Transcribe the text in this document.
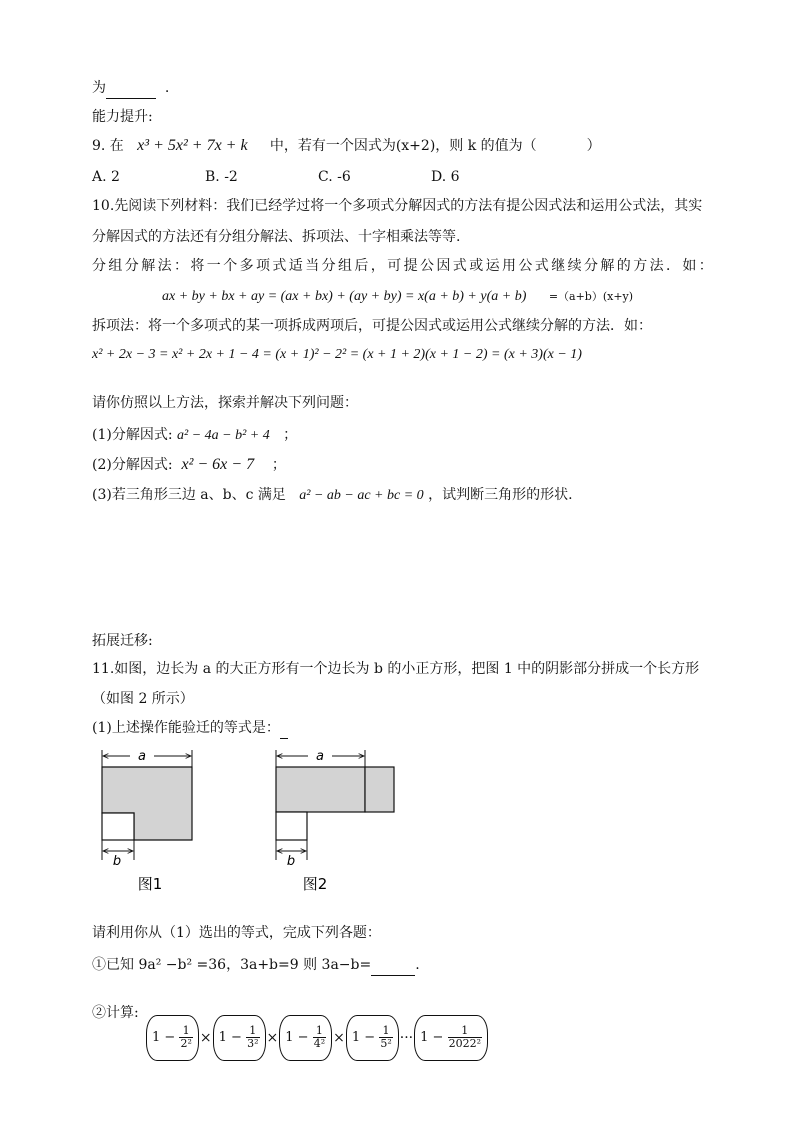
为	.
能力提升:
9. 在 x³ + 5x² + 7x + k 中，若有一个因式为(x+2)，则 k 的值为（	）
A. 2	B. -2	C. -6	D. 6
10.先阅读下列材料：我们已经学过将一个多项式分解因式的方法有提公因式法和运用公式法，其实
分解因式的方法还有分组分解法、拆项法、十字相乘法等等.
分组分解法：将一个多项式适当分组后，可提公因式或运用公式继续分解的方法．如：
ax + by + bx + ay = (ax + bx) + (ay + by) = x(a + b) + y(a + b) =（a+b）(x+y)
拆项法：将一个多项式的某一项拆成两项后，可提公因式或运用公式继续分解的方法．如：
x² + 2x − 3 = x² + 2x + 1 − 4 = (x + 1)² − 2² = (x + 1 + 2)(x + 1 − 2) = (x + 3)(x − 1)
请你仿照以上方法，探索并解决下列问题：
(1)分解因式: a² − 4a − b² + 4 ；
(2)分解因式: x² − 6x − 7 ；
(3)若三角形三边 a、b、c 满足 a² − ab − ac + bc = 0 ，试判断三角形的形状.
拓展迁移:
11.如图，边长为 a 的大正方形有一个边长为 b 的小正方形，把图 1 中的阴影部分拼成一个长方形
（如图 2 所示）
(1)上述操作能验迁的等式是：
a
b
图1
a
b
图2
请利用你从（1）选出的等式，完成下列各题：
①已知 9a² −b² =36，3a+b=9 则 3a−b=	.
②计算:
$1 - \frac{1}{\text{2²}} \times 1 - \frac{1}{\text{3²}} \times 1 - \frac{1}{\text{4²}} \times 1 - \frac{1}{\text{5²}}$ ··· $1 - \frac{1}{\text{2022²}}$
